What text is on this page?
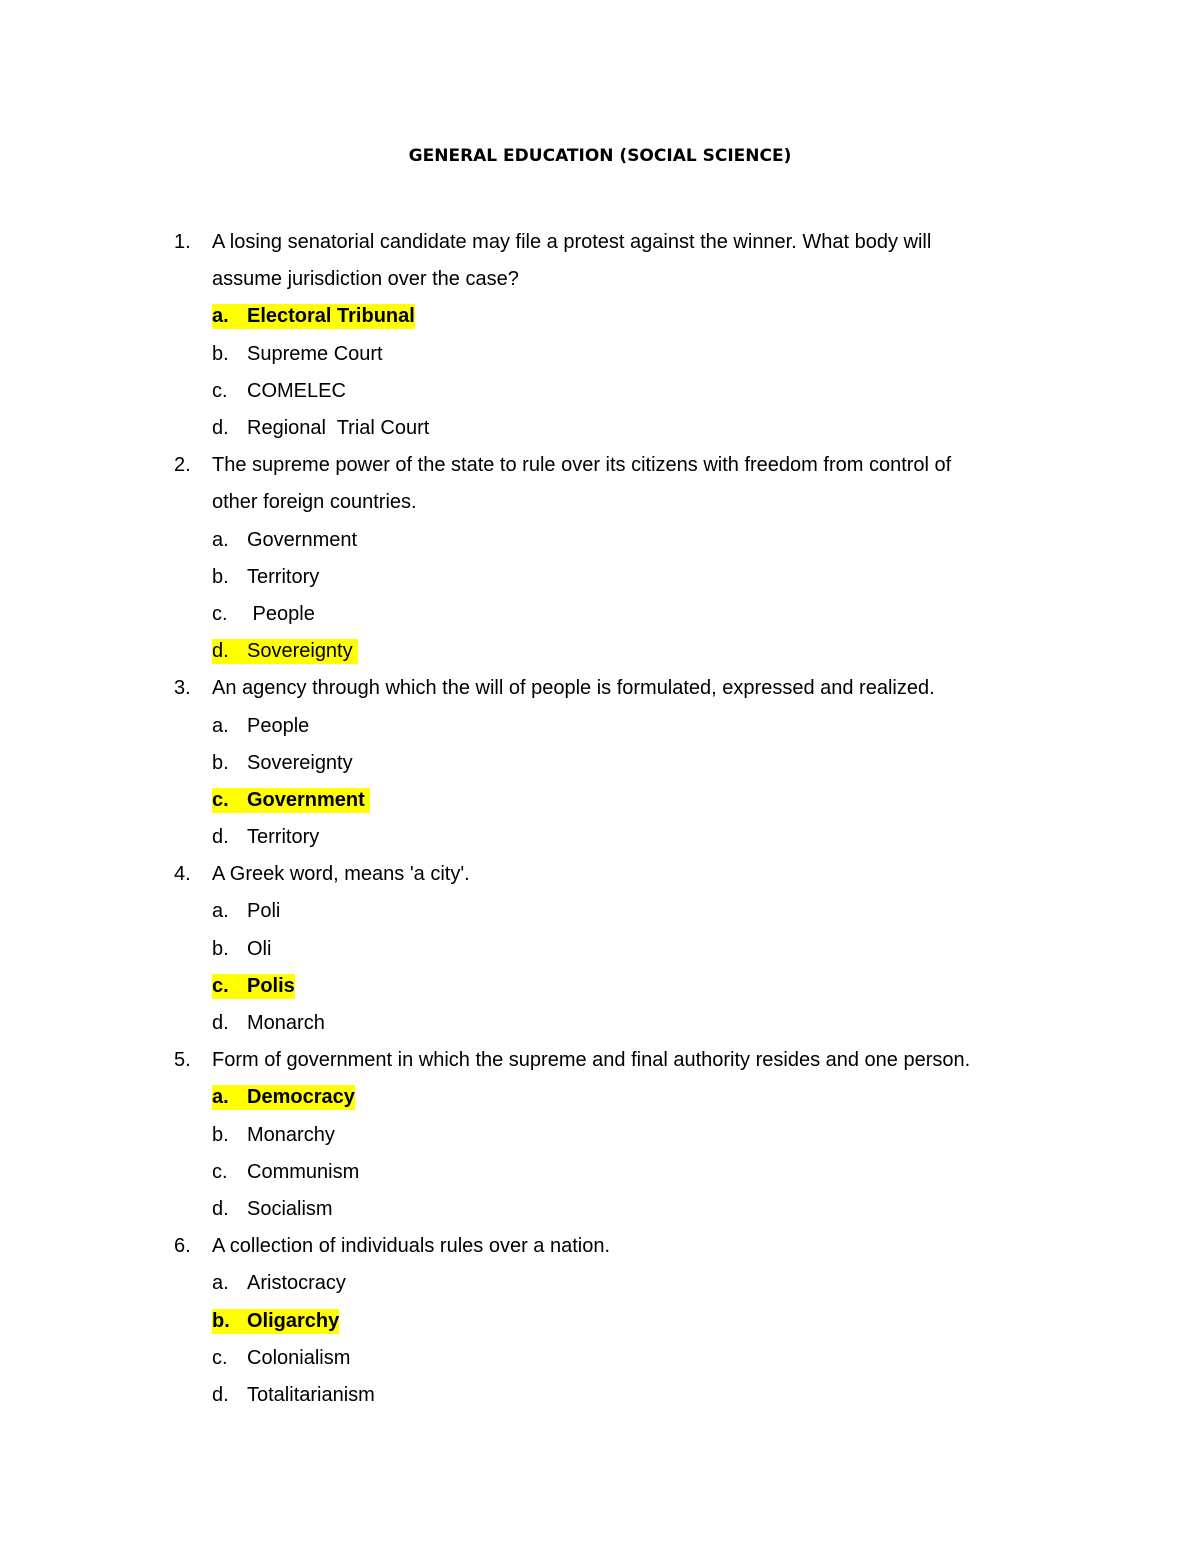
GENERAL EDUCATION (SOCIAL SCIENCE)
1.	A losing senatorial candidate may file a protest against the winner. What body will
assume jurisdiction over the case?
a. Electoral Tribunal
b. Supreme Court
c. COMELEC
d. Regional  Trial Court
2.	The supreme power of the state to rule over its citizens with freedom from control of
other foreign countries.
a. Government
b. Territory
c. People
d. Sovereignty
3.	An agency through which the will of people is formulated, expressed and realized.
a. People
b. Sovereignty
c. Government
d. Territory
4.	A Greek word, means 'a city'.
a. Poli
b. Oli
c. Polis
d. Monarch
5.	Form of government in which the supreme and final authority resides and one person.
a. Democracy
b. Monarchy
c. Communism
d. Socialism
6.	A collection of individuals rules over a nation.
a. Aristocracy
b. Oligarchy
c. Colonialism
d. Totalitarianism
